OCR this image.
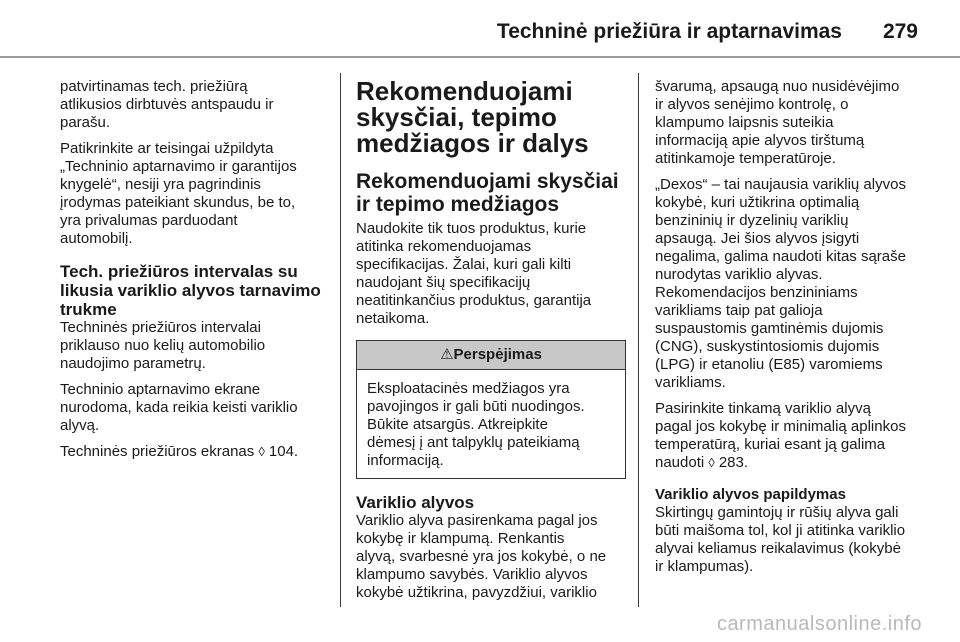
Techninė priežiūra ir aptarnavimas 279

patvirtinamas tech. priežiūrą
atlikusios dirbtuvės antspaudu ir
parašu.

Patikrinkite ar teisingai užpildyta
„Techninio aptarnavimo ir garantijos
knygelė“, nesiji yra pagrindinis
įrodymas pateikiant skundus, be to,
yra privalumas parduodant
automobilį.

Tech. priežiūros intervalas su
likusia variklio alyvos tarnavimo
trukme

Techninės priežiūros intervalai
priklauso nuo kelių automobilio
naudojimo parametrų.

Techninio aptarnavimo ekrane
nurodoma, kada reikia keisti variklio
alyvą.

Techninės priežiūros ekranas ◊ 104.

Rekomenduojami
skysčiai, tepimo
medžiagos ir dalys
Rekomenduojami skysčiai
ir tepimo medžiagos

Naudokite tik tuos produktus, kurie
atitinka rekomenduojamas
specifikacijas. Žalai, kuri gali kilti
naudojant šių specifikacijų
neatitinkančius produktus, garantija
netaikoma.

⚠Perspėjimas

Eksploatacinės medžiagos yra
pavojingos ir gali būti nuodingos.
Būkite atsargūs. Atkreipkite
dėmesį į ant talpyklų pateikiamą
informaciją.

Variklio alyvos

Variklio alyva pasirenkama pagal jos
kokybę ir klampumą. Renkantis
alyvą, svarbesnė yra jos kokybė, o ne
klampumo savybės. Variklio alyvos
kokybė užtikrina, pavyzdžiui, variklio

švarumą, apsaugą nuo nusidėvėjimo
ir alyvos senėjimo kontrolę, o
klampumo laipsnis suteikia
informaciją apie alyvos tirštumą
atitinkamoje temperatūroje.

„Dexos“ – tai naujausia variklių alyvos
kokybė, kuri užtikrina optimalią
benzininių ir dyzelinių variklių
apsaugą. Jei šios alyvos įsigyti
negalima, galima naudoti kitas sąraše
nurodytas variklio alyvas.
Rekomendacijos benzininiams
varikliams taip pat galioja
suspaustomis gamtinėmis dujomis
(CNG), suskystintosiomis dujomis
(LPG) ir etanoliu (E85) varomiems
varikliams.

Pasirinkite tinkamą variklio alyvą
pagal jos kokybę ir minimalią aplinkos
temperatūrą, kuriai esant ją galima
naudoti ◊ 283.

Variklio alyvos papildymas

Skirtingų gamintojų ir rūšių alyva gali
būti maišoma tol, kol ji atitinka variklio
alyvai keliamus reikalavimus (kokybė
ir klampumas).

carmanualsonline.info
